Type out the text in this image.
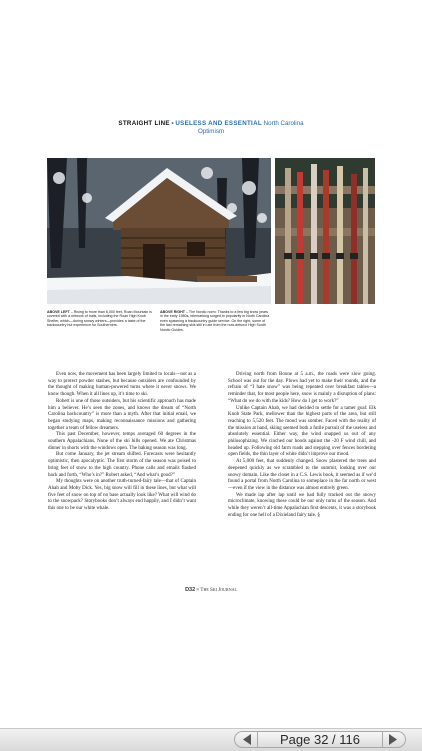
STRAIGHT LINE • USELESS AND ESSENTIAL North Carolina
Optimism
ABOVE LEFT – Rising to more than 6,000 feet, Roan Mountain is covered with a network of trails, including the Roan High Knob Shelter, which—during snowy winters—provides a taste of the backcountry hut experience for Southerners.
ABOVE RIGHT – The Nordic norm. Thanks to a few big snow years in the early 1980s, telemarking surged in popularity in North Carolina even spawning a backcountry guide service. On the right, some of the last remaining skis still in use from the now-defunct High South Nordic Guides.

Even now, the movement has been largely limited to locals—not as a way to protect powder stashes, but because outsiders are confounded by the thought of making human-powered turns where it never snows. We know though. When it all lines up, it’s time to ski.

Robert is one of those outsiders, but his scientific approach has made him a believer. He’s seen the zones, and knows the dream of “North Carolina backcountry” is more than a myth. After that initial email, we began studying maps, making reconnaissance missions and gathering together a team of fellow dreamers.

This past December, however, temps averaged 60 degrees in the southern Appalachians. None of the ski hills opened. We ate Christmas dinner in shorts with the windows open. The baking season was long.

But come January, the jet stream shifted. Forecasts were hesitantly optimistic, then apocalyptic. The first storm of the season was poised to bring feet of snow to the high country. Phone calls and emails flashed back and forth, “Who’s in?” Robert asked, “And what’s good?”

My thoughts were on another truth-turned-fairy tale—that of Captain Ahab and Moby Dick. Yes, big snow will fill in these lines, but what will five feet of snow on top of no base actually look like? What will wind do to the snowpack? Storybooks don’t always end happily, and I didn’t want this one to be our white whale.

Driving north from Boone at 5 a.m., the roads were slow going. School was out for the day. Plows had yet to make their rounds, and the refrain of “I hate snow” was being repeated over breakfast tables—a reminder that, for most people here, snow is mainly a disruption of plans: “What do we do with the kids? How do I get to work?”

Unlike Captain Ahab, we had decided to settle for a tamer goal: Elk Knob State Park, mellower than the highest parts of the area, but still reaching to 5,520 feet. The mood was somber. Faced with the reality of the mission at hand, skiing seemed both a futile pursuit of the useless and absolutely essential. Either way, the wind snapped us out of any philosophizing. We cinched our hoods against the -20 F wind chill, and headed up. Following old farm roads and stepping over fences bordering open fields, the thin layer of white didn’t improve our mood.

At 5,000 feet, that suddenly changed. Snow plastered the trees and deepened quickly as we scrambled to the summit, looking over our snowy domain. Like the closet in a C.S. Lewis book, it seemed as if we’d found a portal from North Carolina to someplace in the far north or west—even if the view in the distance was almost entirely green.

We made lap after lap until we had fully tracked out the snowy microclimate, knowing these could be our only turns of the season. And while they weren’t all-time Appalachian first descents, it was a storybook ending for one hell of a Dixieland fairy tale. §

D32 ≈ The Ski Journal
Page 32 / 116
